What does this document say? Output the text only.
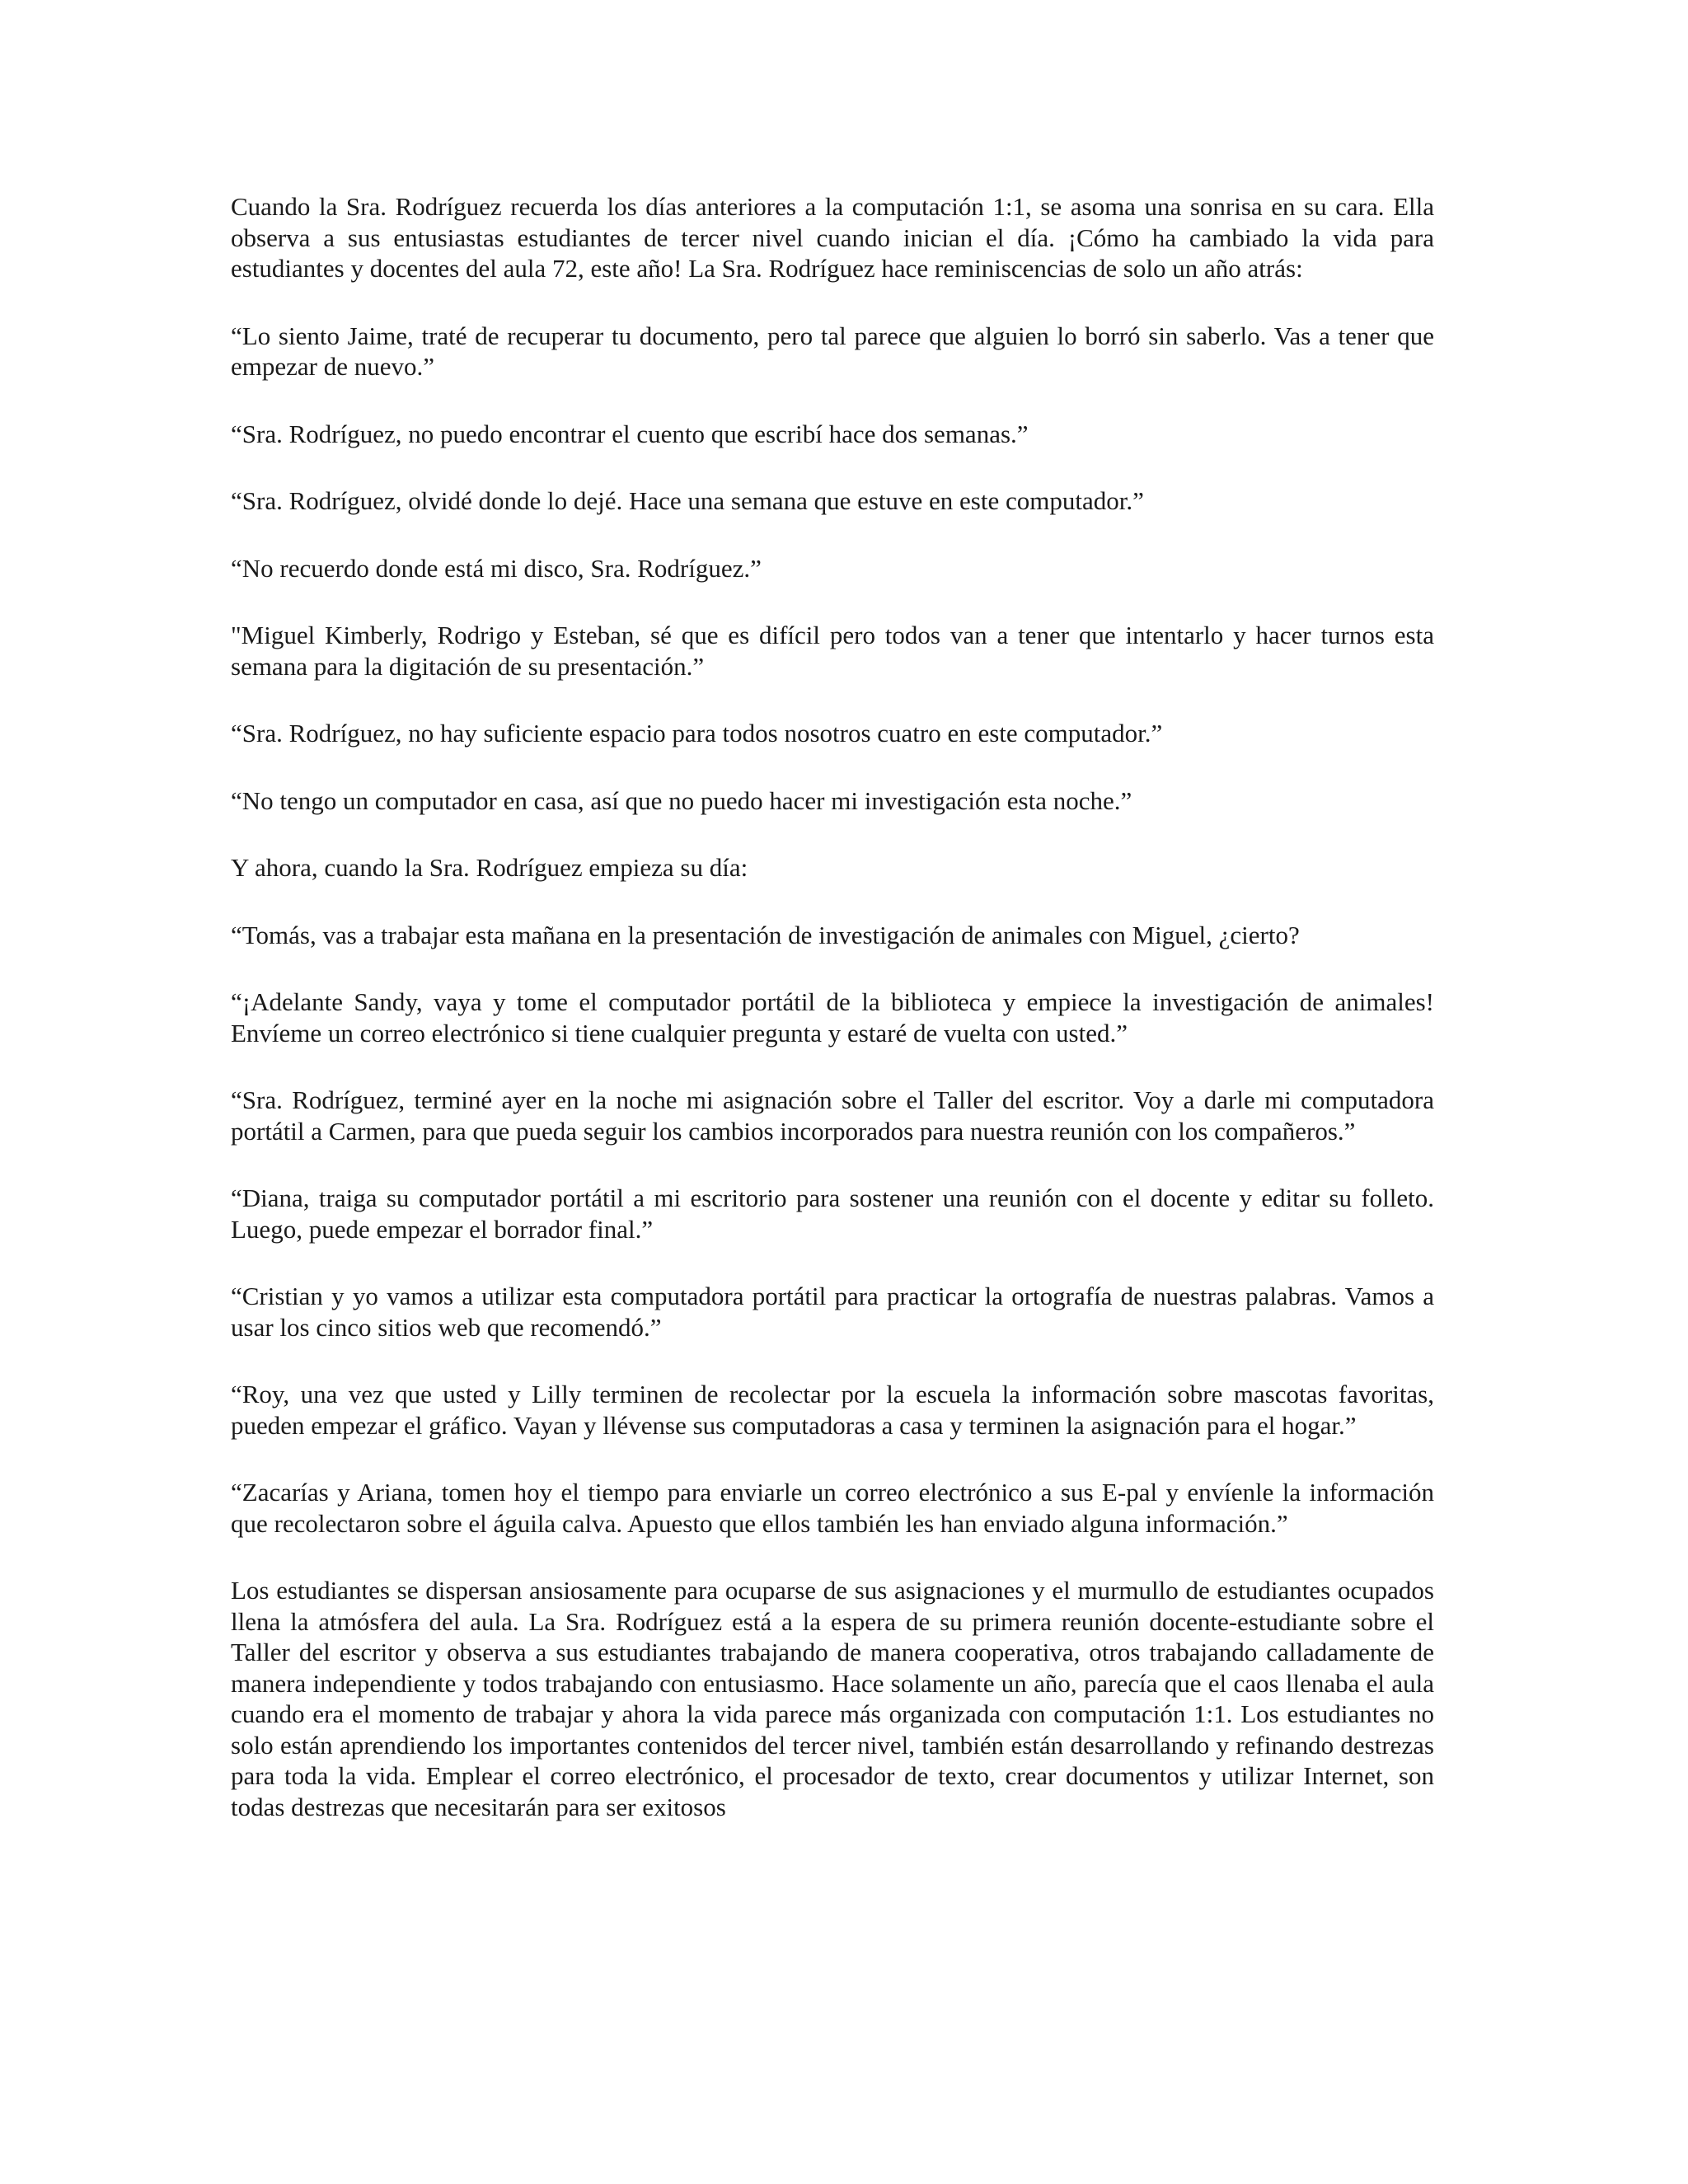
Cuando la Sra. Rodríguez recuerda los días anteriores a la computación 1:1, se asoma una sonrisa en su cara. Ella observa a sus entusiastas estudiantes de tercer nivel cuando inician el día. ¡Cómo ha cambiado la vida para estudiantes y docentes del aula 72, este año! La Sra. Rodríguez hace reminiscencias de solo un año atrás:

“Lo siento Jaime, traté de recuperar tu documento, pero tal parece que alguien lo borró sin saberlo. Vas a tener que empezar de nuevo.”

“Sra. Rodríguez, no puedo encontrar el cuento que escribí hace dos semanas.”

“Sra. Rodríguez, olvidé donde lo dejé. Hace una semana que estuve en este computador.”

“No recuerdo donde está mi disco, Sra. Rodríguez.”

"Miguel Kimberly, Rodrigo y Esteban, sé que es difícil pero todos van a tener que intentarlo y hacer turnos esta semana para la digitación de su presentación.”

“Sra. Rodríguez, no hay suficiente espacio para todos nosotros cuatro en este computador.”

“No tengo un computador en casa, así que no puedo hacer mi investigación esta noche.”

Y ahora, cuando la Sra. Rodríguez empieza su día:

“Tomás, vas a trabajar esta mañana en la presentación de investigación de animales con Miguel, ¿cierto?

“¡Adelante Sandy, vaya y tome el computador portátil de la biblioteca y empiece la investigación de animales! Envíeme un correo electrónico si tiene cualquier pregunta y estaré de vuelta con usted.”

“Sra. Rodríguez, terminé ayer en la noche mi asignación sobre el Taller del escritor. Voy a darle mi computadora portátil a Carmen, para que pueda seguir los cambios incorporados para nuestra reunión con los compañeros.”

“Diana, traiga su computador portátil a mi escritorio para sostener una reunión con el docente y editar su folleto. Luego, puede empezar el borrador final.”

“Cristian y yo vamos a utilizar esta computadora portátil para practicar la ortografía de nuestras palabras. Vamos a usar los cinco sitios web que recomendó.”

“Roy, una vez que usted y Lilly terminen de recolectar por la escuela la información sobre mascotas favoritas, pueden empezar el gráfico. Vayan y llévense sus computadoras a casa y terminen la asignación para el hogar.”

“Zacarías y Ariana, tomen hoy el tiempo para enviarle un correo electrónico a sus E-pal y envíenle la información que recolectaron sobre el águila calva. Apuesto que ellos también les han enviado alguna información.”

Los estudiantes se dispersan ansiosamente para ocuparse de sus asignaciones y el murmullo de estudiantes ocupados llena la atmósfera del aula. La Sra. Rodríguez está a la espera de su primera reunión docente-estudiante sobre el Taller del escritor y observa a sus estudiantes trabajando de manera cooperativa, otros trabajando calladamente de manera independiente y todos trabajando con entusiasmo. Hace solamente un año, parecía que el caos llenaba el aula cuando era el momento de trabajar y ahora la vida parece más organizada con computación 1:1. Los estudiantes no solo están aprendiendo los importantes contenidos del tercer nivel, también están desarrollando y refinando destrezas para toda la vida. Emplear el correo electrónico, el procesador de texto, crear documentos y utilizar Internet, son todas destrezas que necesitarán para ser exitosos
